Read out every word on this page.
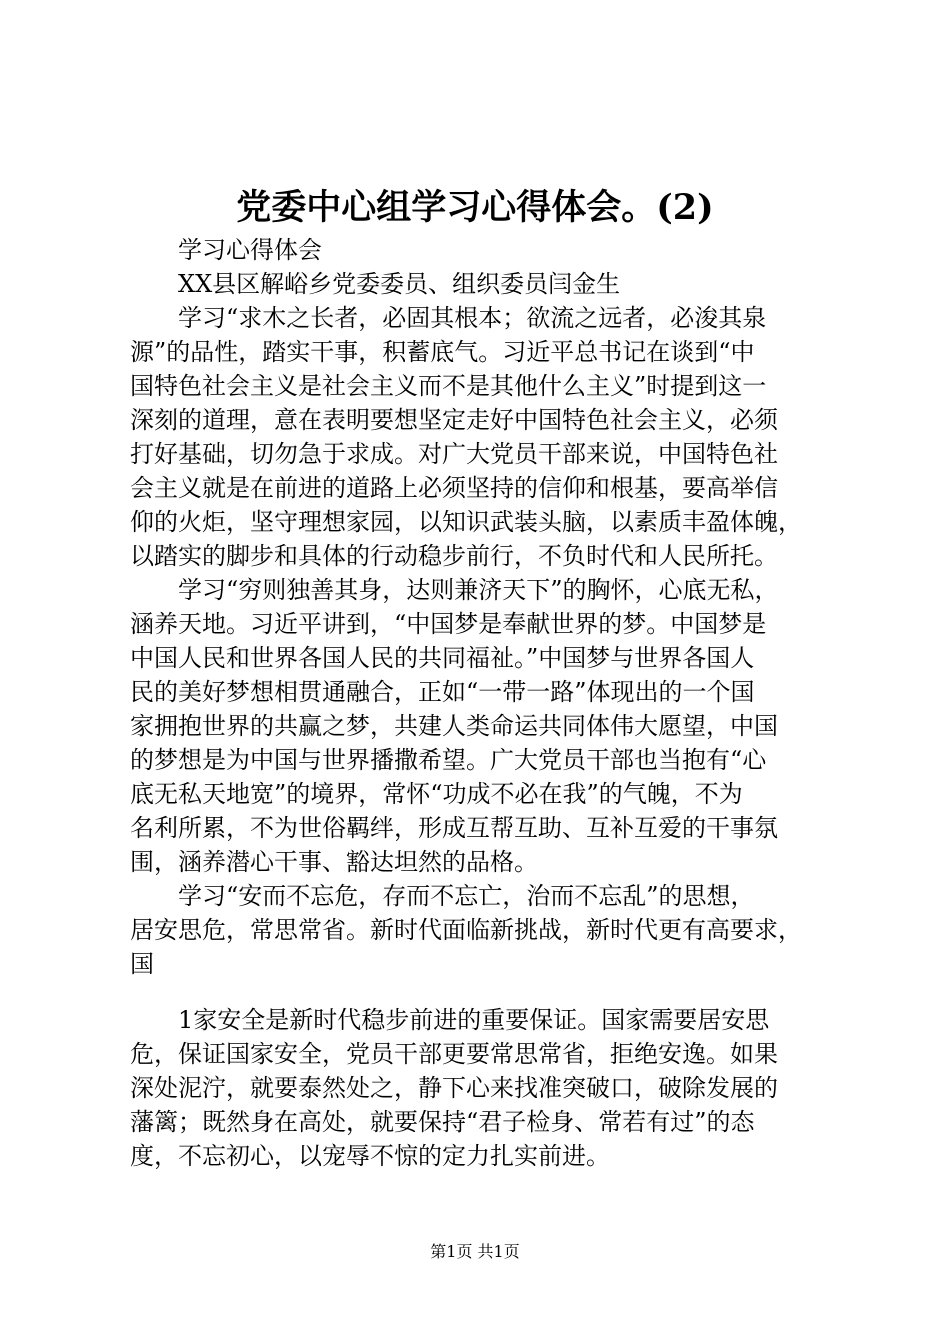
党委中心组学习心得体会。(2)
学习心得体会
XX县区解峪乡党委委员、组织委员闫金生
学习“求木之长者，必固其根本；欲流之远者，必浚其泉
源”的品性，踏实干事，积蓄底气。习近平总书记在谈到“中
国特色社会主义是社会主义而不是其他什么主义”时提到这一
深刻的道理，意在表明要想坚定走好中国特色社会主义，必须
打好基础，切勿急于求成。对广大党员干部来说，中国特色社
会主义就是在前进的道路上必须坚持的信仰和根基，要高举信
仰的火炬，坚守理想家园，以知识武装头脑，以素质丰盈体魄，
以踏实的脚步和具体的行动稳步前行，不负时代和人民所托。
学习“穷则独善其身，达则兼济天下”的胸怀，心底无私，
涵养天地。习近平讲到，“中国梦是奉献世界的梦。中国梦是
中国人民和世界各国人民的共同福祉。”中国梦与世界各国人
民的美好梦想相贯通融合，正如“一带一路”体现出的一个国
家拥抱世界的共赢之梦，共建人类命运共同体伟大愿望，中国
的梦想是为中国与世界播撒希望。广大党员干部也当抱有“心
底无私天地宽”的境界，常怀“功成不必在我”的气魄，不为
名利所累，不为世俗羁绊，形成互帮互助、互补互爱的干事氛
围，涵养潜心干事、豁达坦然的品格。
学习“安而不忘危，存而不忘亡，治而不忘乱”的思想，
居安思危，常思常省。新时代面临新挑战，新时代更有高要求，
国
1家安全是新时代稳步前进的重要保证。国家需要居安思
危，保证国家安全，党员干部更要常思常省，拒绝安逸。如果
深处泥泞，就要泰然处之，静下心来找准突破口，破除发展的
藩篱；既然身在高处，就要保持“君子检身、常若有过”的态
度，不忘初心，以宠辱不惊的定力扎实前进。
第1页 共1页
